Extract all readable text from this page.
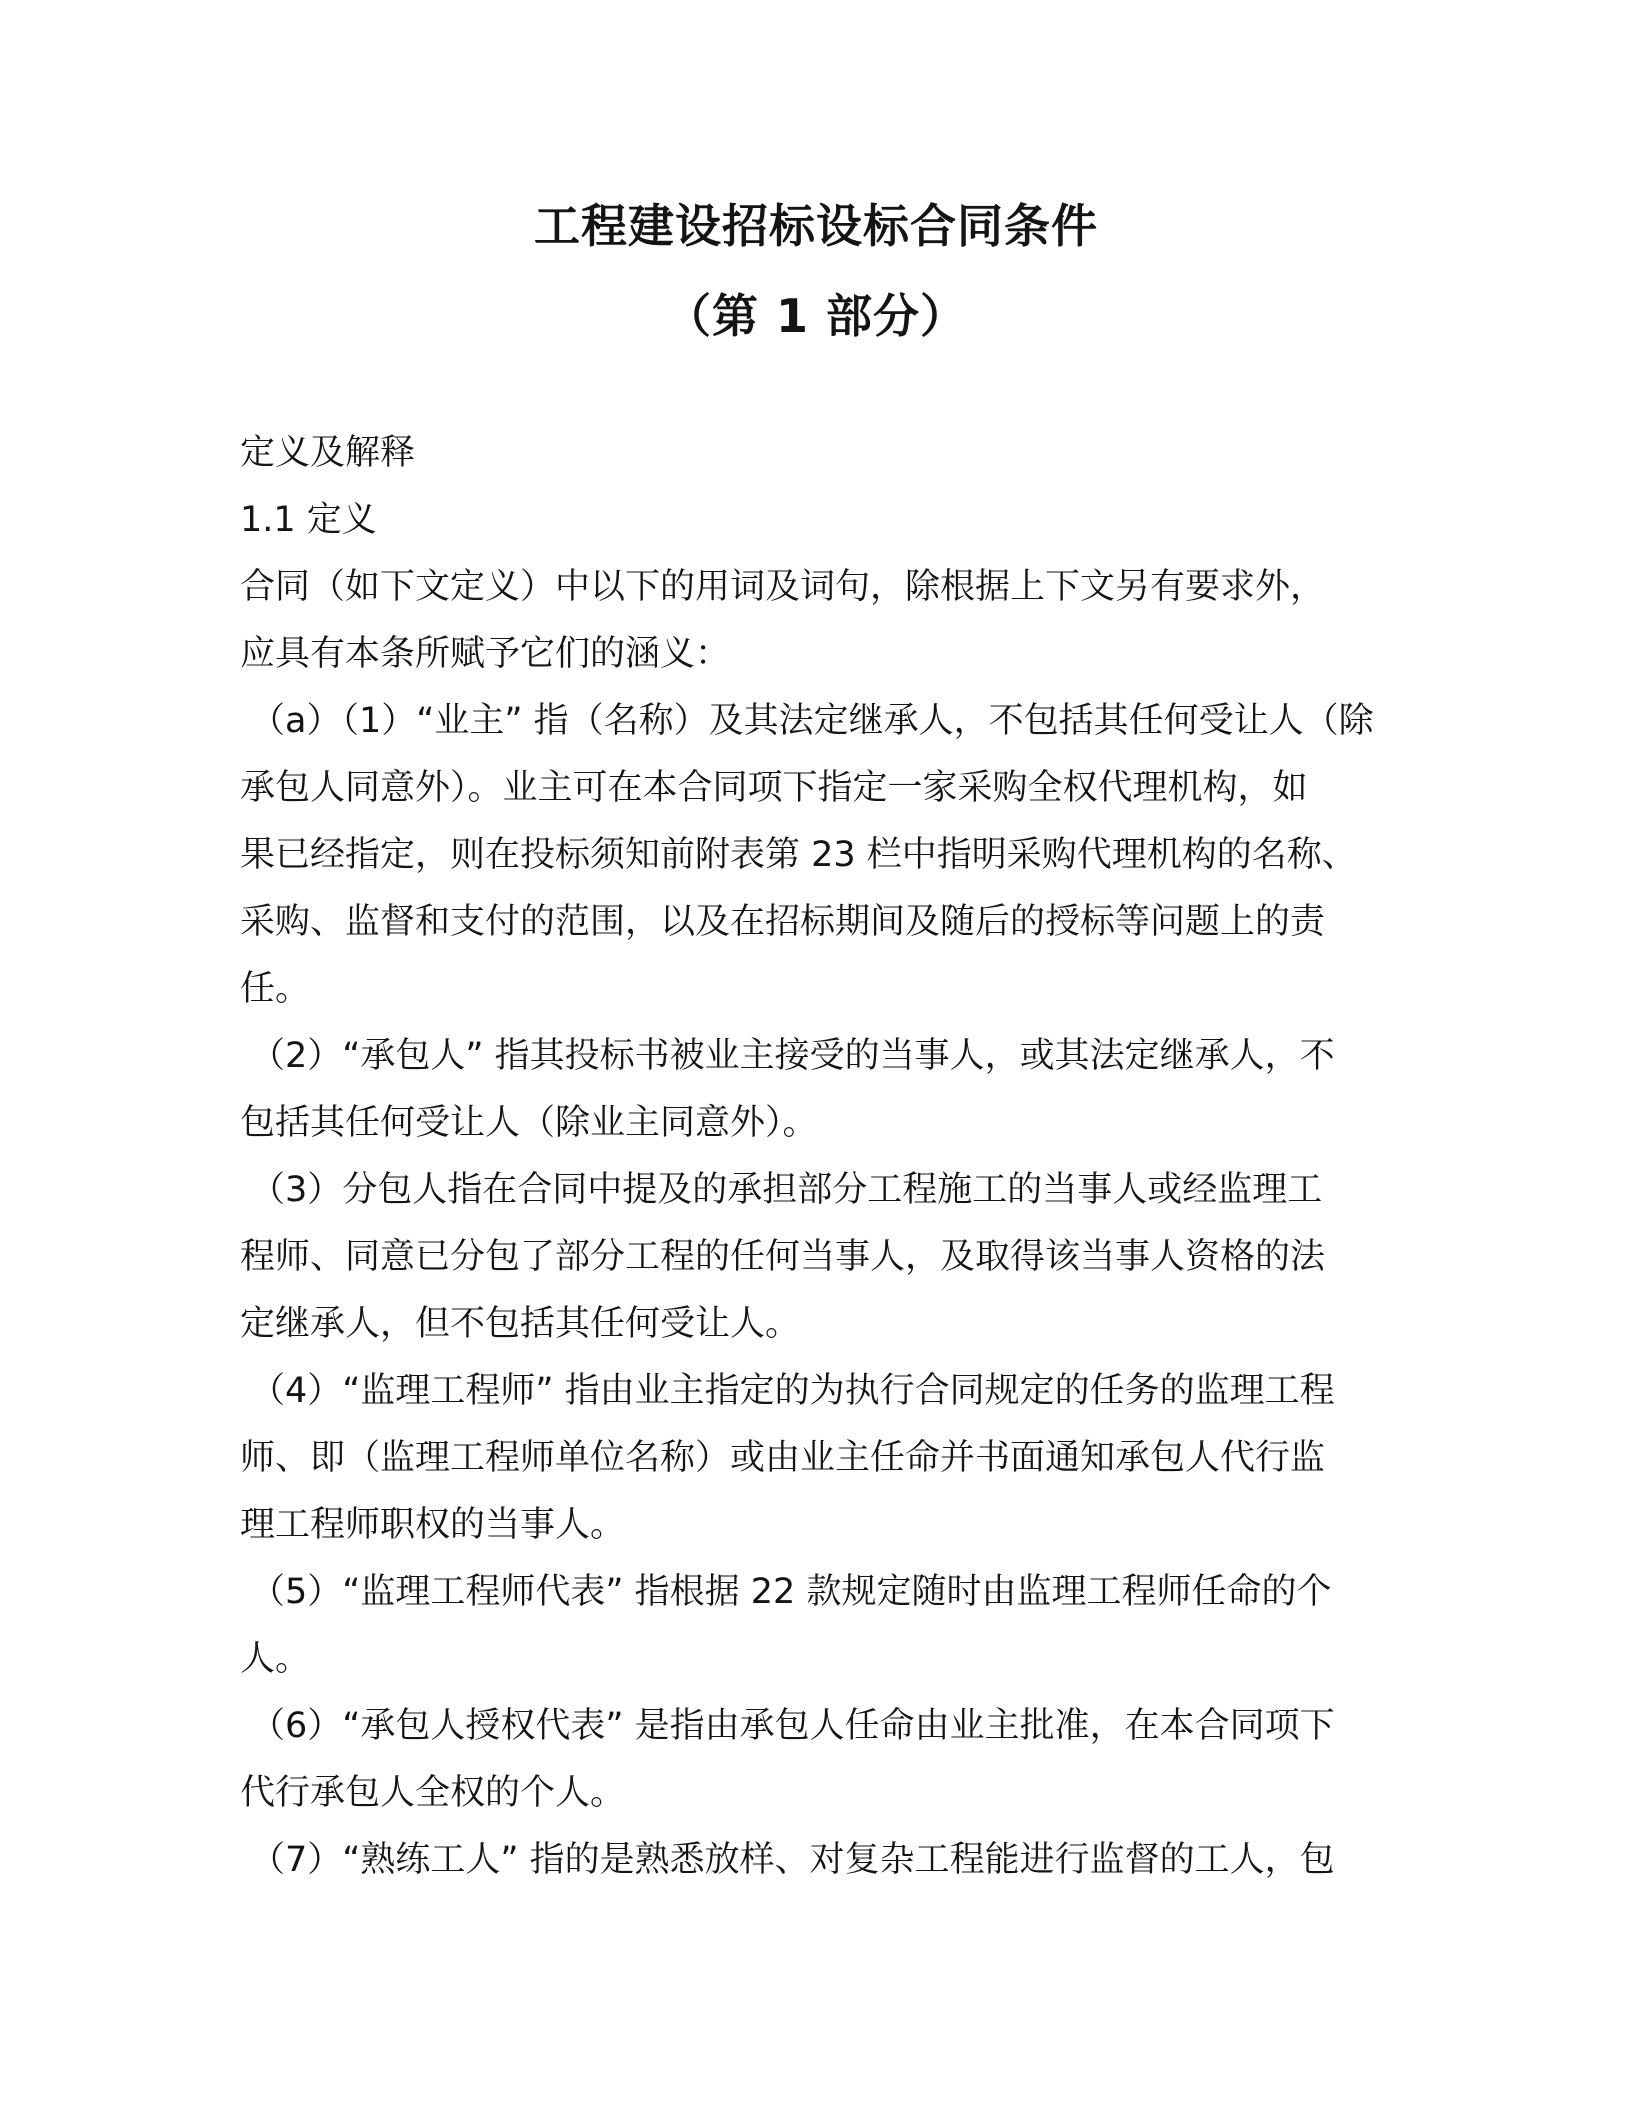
工程建设招标设标合同条件
（第 1 部分）
定义及解释
1.1 定义
合同（如下文定义）中以下的用词及词句，除根据上下文另有要求外，
应具有本条所赋予它们的涵义：
（a）（1）“业主” 指（名称）及其法定继承人，不包括其任何受让人（除
承包人同意外）。业主可在本合同项下指定一家采购全权代理机构，如
果已经指定，则在投标须知前附表第 23 栏中指明采购代理机构的名称、
采购、监督和支付的范围，以及在招标期间及随后的授标等问题上的责
任。
（2）“承包人” 指其投标书被业主接受的当事人，或其法定继承人，不
包括其任何受让人（除业主同意外）。
（3）分包人指在合同中提及的承担部分工程施工的当事人或经监理工
程师、同意已分包了部分工程的任何当事人，及取得该当事人资格的法
定继承人，但不包括其任何受让人。
（4）“监理工程师” 指由业主指定的为执行合同规定的任务的监理工程
师、即（监理工程师单位名称）或由业主任命并书面通知承包人代行监
理工程师职权的当事人。
（5）“监理工程师代表” 指根据 22 款规定随时由监理工程师任命的个
人。
（6）“承包人授权代表” 是指由承包人任命由业主批准，在本合同项下
代行承包人全权的个人。
（7）“熟练工人” 指的是熟悉放样、对复杂工程能进行监督的工人，包
